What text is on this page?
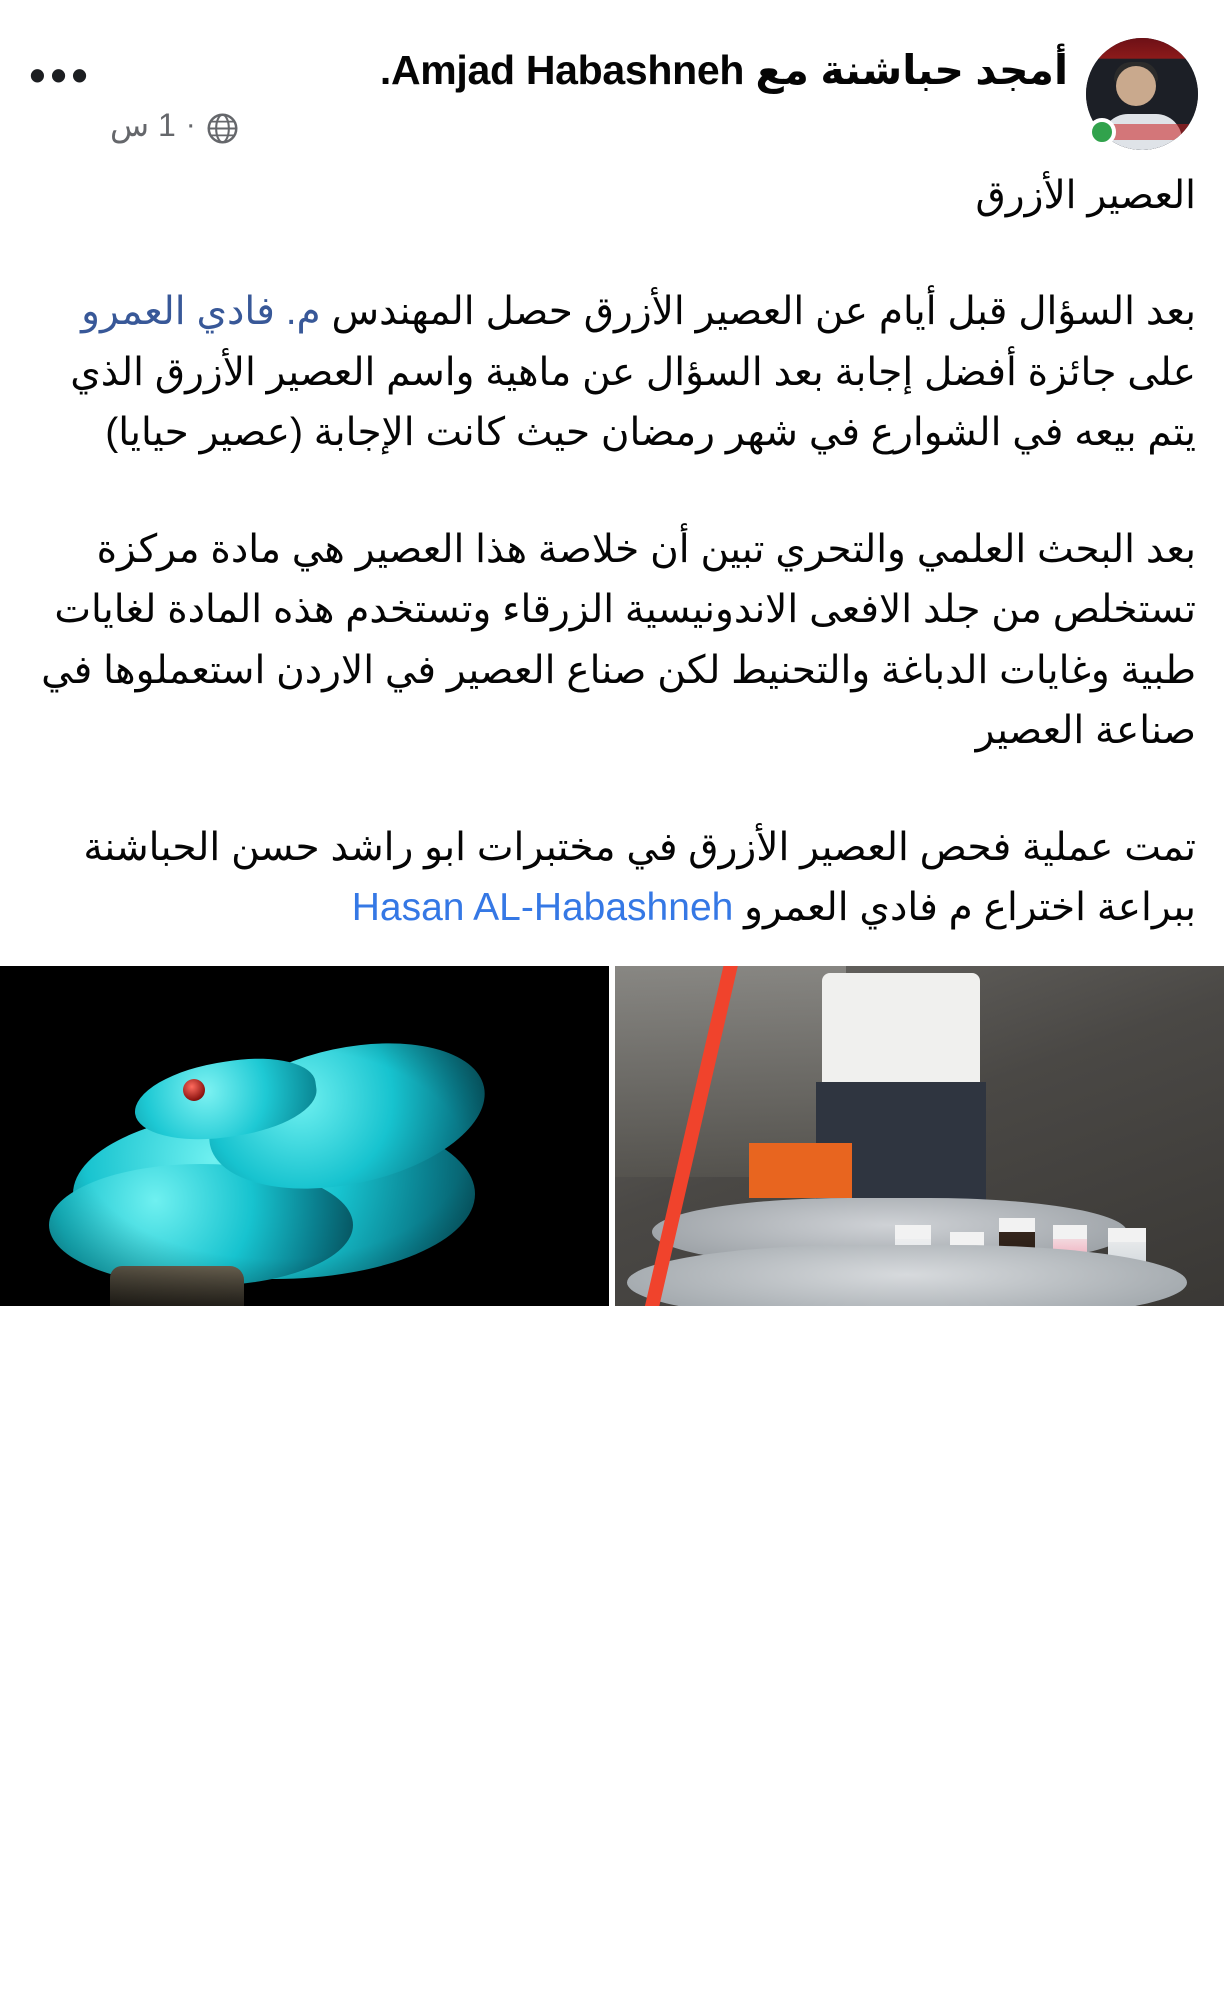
أمجد حباشنة مع Amjad Habashneh.
1 س ·
•••

العصير الأزرق

بعد السؤال قبل أيام عن العصير الأزرق حصل المهندس م. فادي العمرو على جائزة أفضل إجابة بعد السؤال عن ماهية واسم العصير الأزرق الذي يتم بيعه في الشوارع في شهر رمضان حيث كانت الإجابة (عصير حيايا)

بعد البحث العلمي والتحري تبين أن خلاصة هذا العصير هي مادة مركزة تستخلص من جلد الافعى الاندونيسية الزرقاء وتستخدم هذه المادة لغايات طبية وغايات الدباغة والتحنيط لكن صناع العصير في الاردن استعملوها في صناعة العصير

تمت عملية فحص العصير الأزرق في مختبرات ابو راشد حسن الحباشنة ببراعة اختراع م فادي العمرو Hasan AL-Habashneh
